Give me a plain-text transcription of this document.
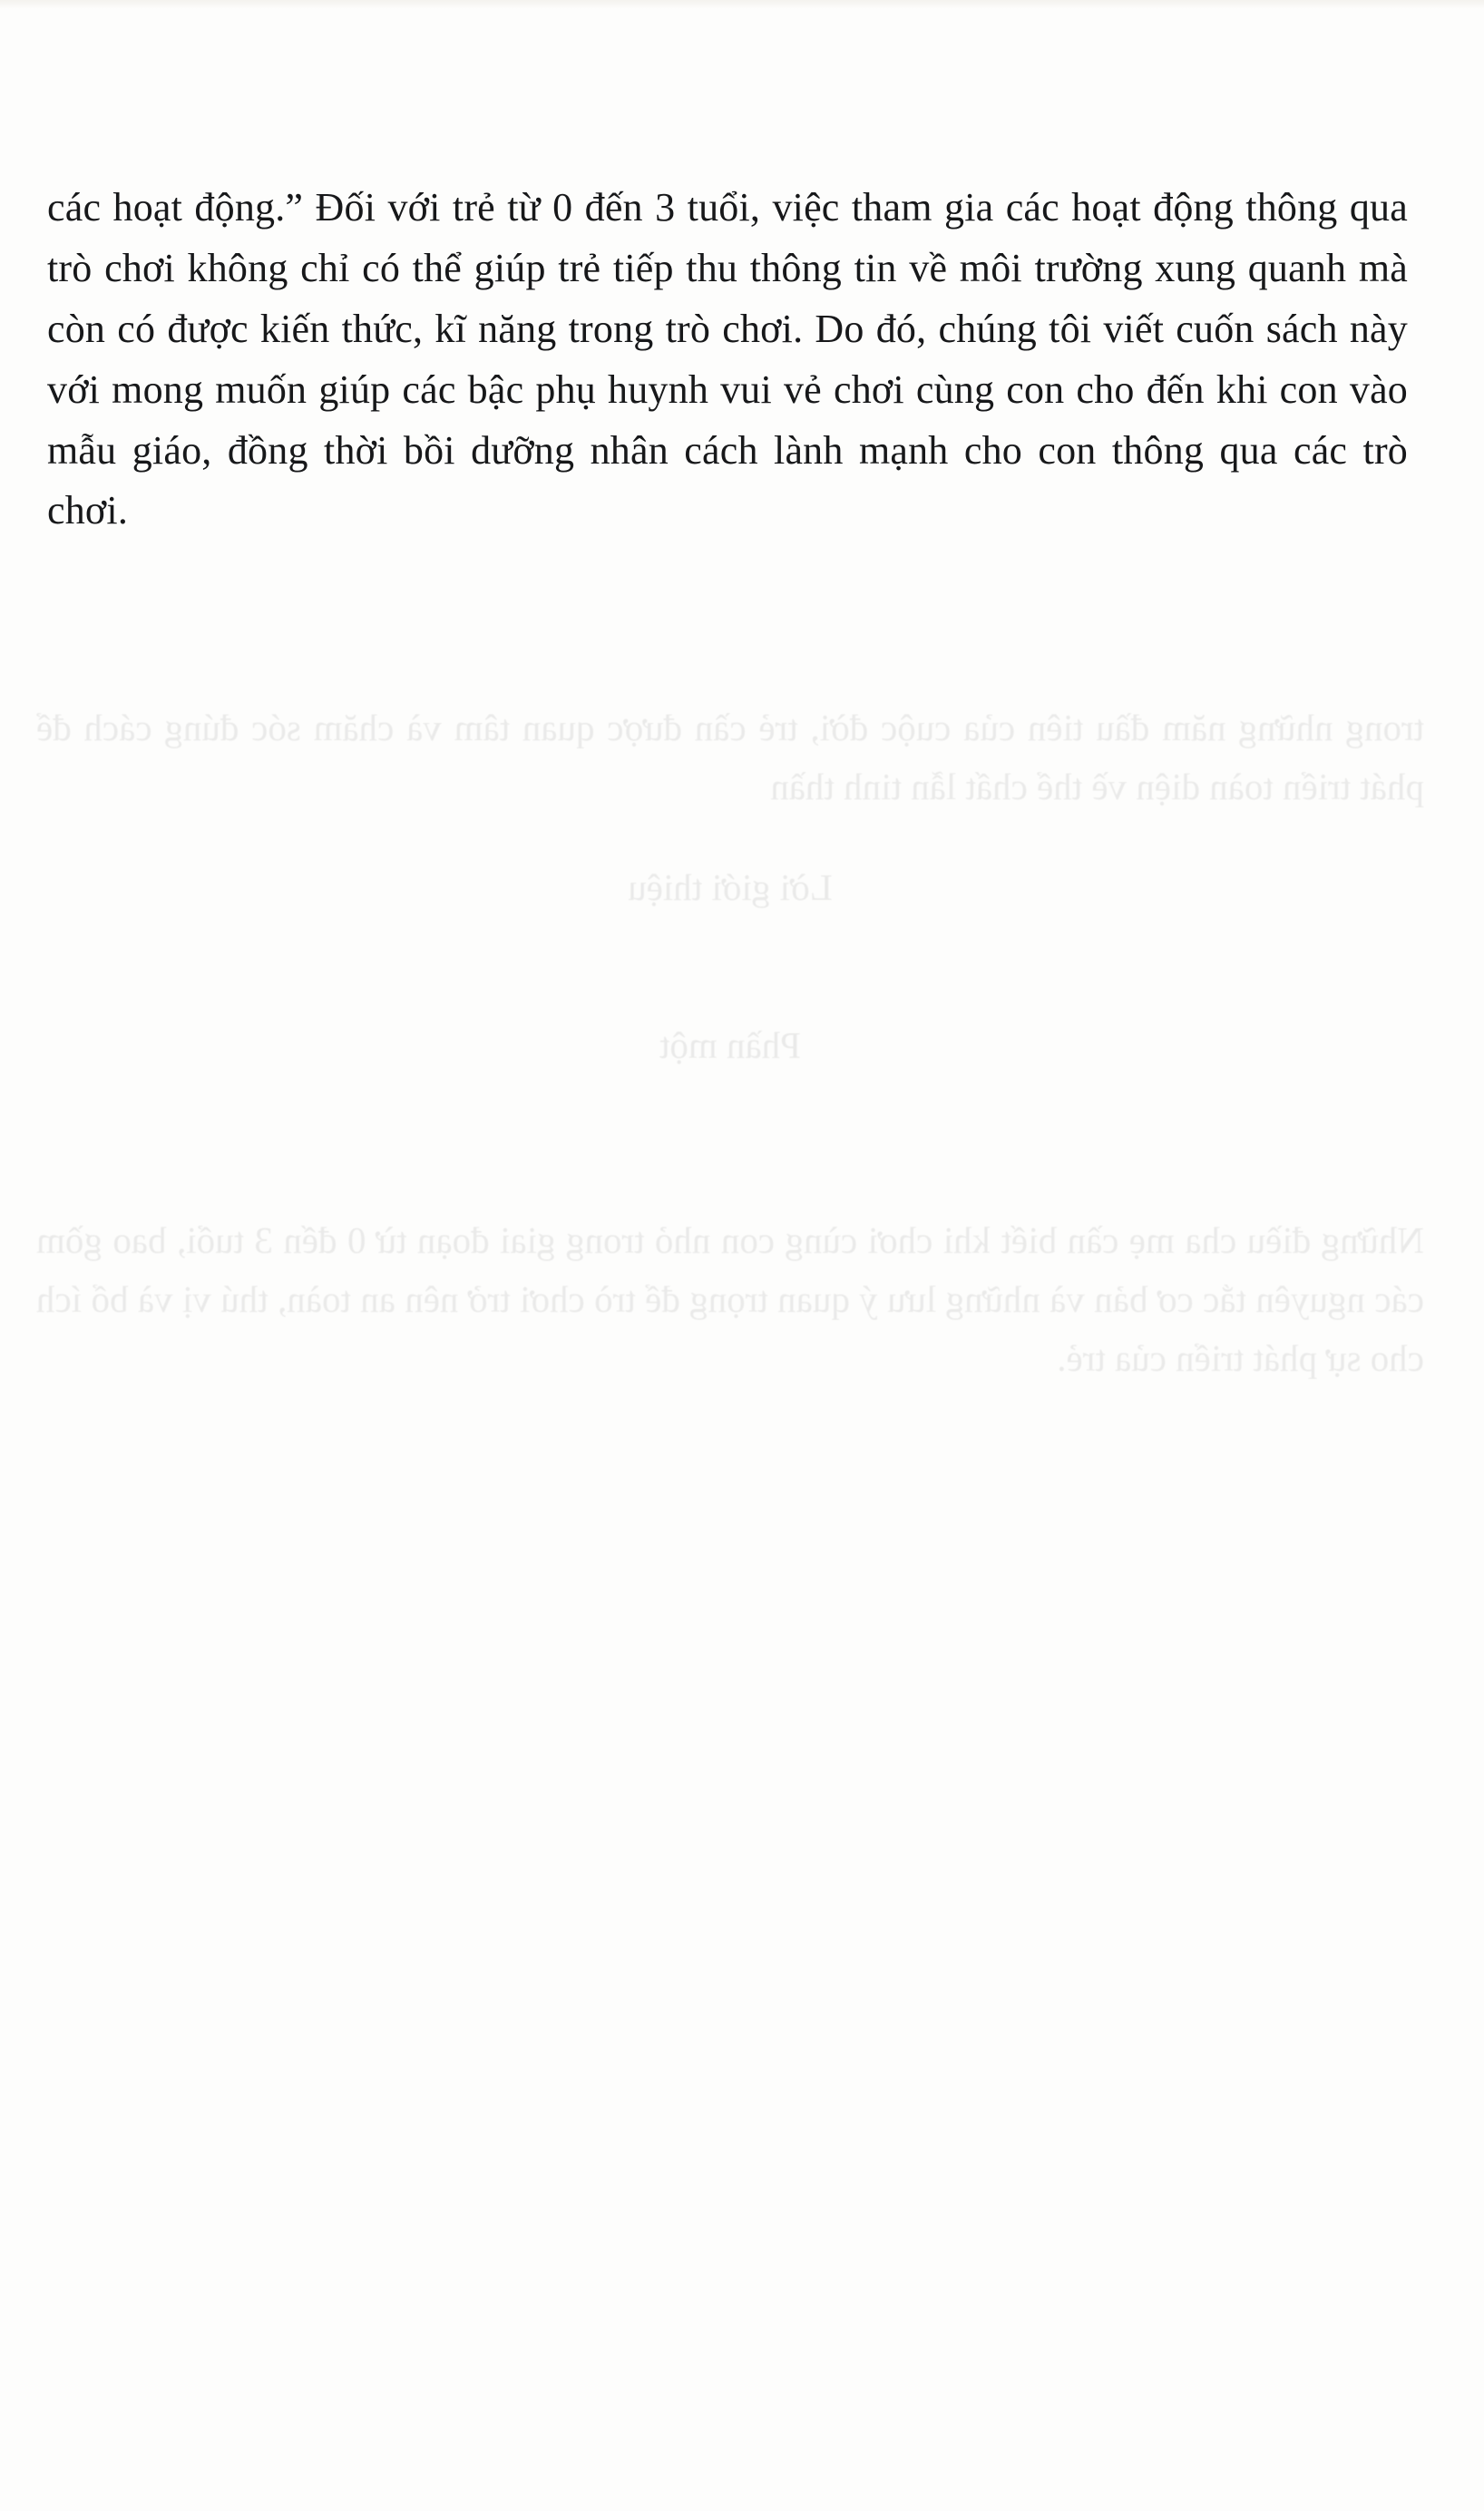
các hoạt động.” Đối với trẻ từ 0 đến 3 tuổi, việc tham gia các hoạt động thông qua trò chơi không chỉ có thể giúp trẻ tiếp thu thông tin về môi trường xung quanh mà còn có được kiến thức, kĩ năng trong trò chơi. Do đó, chúng tôi viết cuốn sách này với mong muốn giúp các bậc phụ huynh vui vẻ chơi cùng con cho đến khi con vào mẫu giáo, đồng thời bồi dưỡng nhân cách lành mạnh cho con thông qua các trò chơi.

trong những năm đầu tiên của cuộc đời, trẻ cần được quan tâm và chăm sóc đúng cách để phát triển toàn diện về thể chất lẫn tinh thần

Lời giới thiệu

Phần một

Những điều cha mẹ cần biết khi chơi cùng con nhỏ trong giai đoạn từ 0 đến 3 tuổi, bao gồm các nguyên tắc cơ bản và những lưu ý quan trọng để trò chơi trở nên an toàn, thú vị và bổ ích cho sự phát triển của trẻ.
